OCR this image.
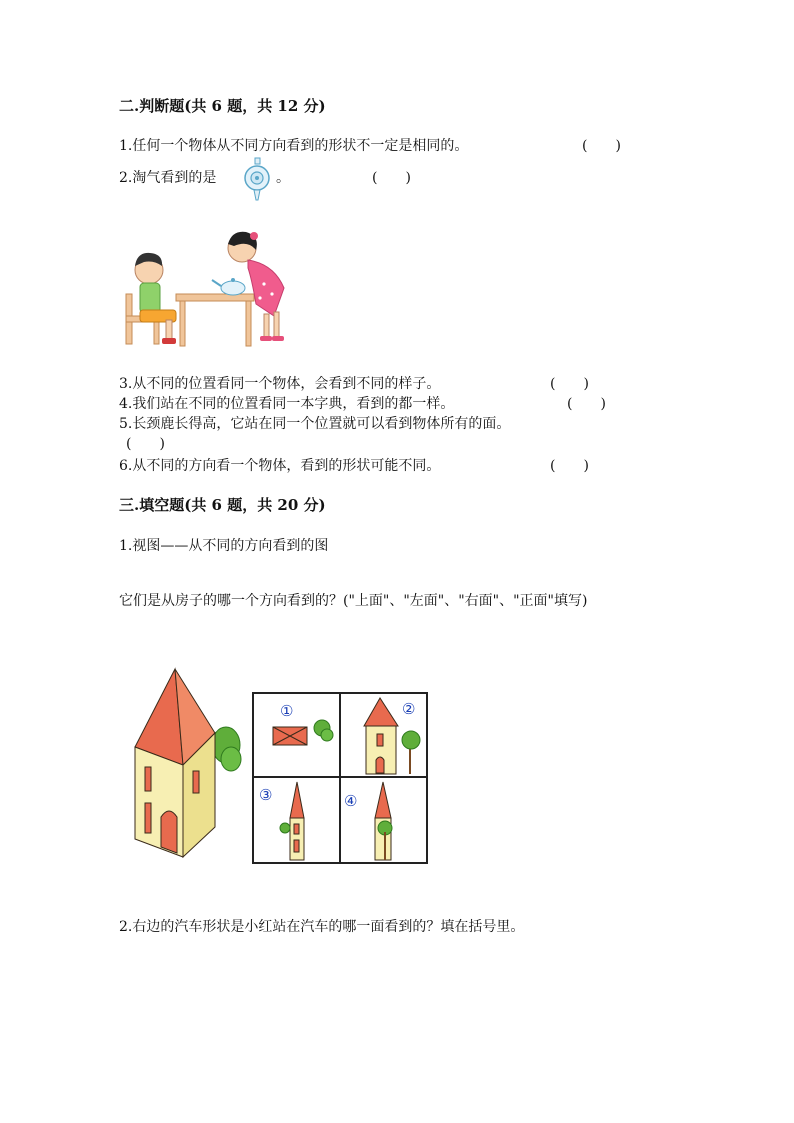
二.判断题(共 6 题，共 12 分)
1.任何一个物体从不同方向看到的形状不一定是相同的。	(　　)
2.淘气看到的是	。	(　　)
3.从不同的位置看同一个物体，会看到不同的样子。	(　　)
4.我们站在不同的位置看同一本字典，看到的都一样。	(　　)
5.长颈鹿长得高，它站在同一个位置就可以看到物体所有的面。
(　　)
6.从不同的方向看一个物体，看到的形状可能不同。	(　　)
三.填空题(共 6 题，共 20 分)
1.视图——从不同的方向看到的图
它们是从房子的哪一个方向看到的？("上面"、"左面"、"右面"、"正面"填写)
①	②
③	④
2.右边的汽车形状是小红站在汽车的哪一面看到的？填在括号里。
